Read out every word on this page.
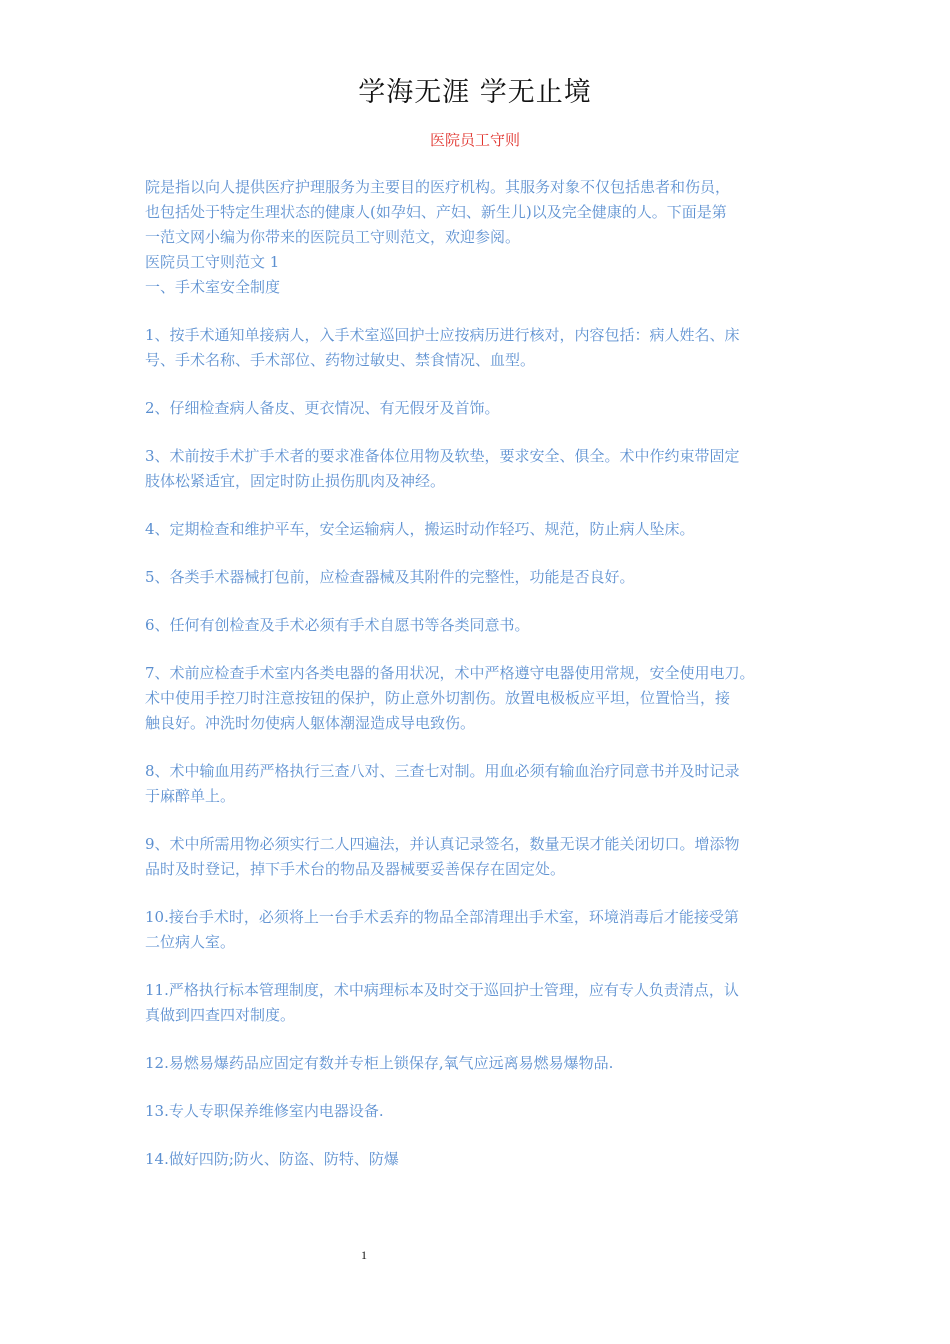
学海无涯 学无止境
医院员工守则

院是指以向人提供医疗护理服务为主要目的医疗机构。其服务对象不仅包括患者和伤员，

也包括处于特定生理状态的健康人(如孕妇、产妇、新生儿)以及完全健康的人。下面是第

一范文网小编为你带来的医院员工守则范文，欢迎参阅。

医院员工守则范文 1

一、手术室安全制度

1、按手术通知单接病人，入手术室巡回护士应按病历进行核对，内容包括：病人姓名、床

号、手术名称、手术部位、药物过敏史、禁食情况、血型。

2、仔细检查病人备皮、更衣情况、有无假牙及首饰。

3、术前按手术扩手术者的要求准备体位用物及软垫，要求安全、俱全。术中作约束带固定

肢体松紧适宜，固定时防止损伤肌肉及神经。

4、定期检查和维护平车，安全运输病人，搬运时动作轻巧、规范，防止病人坠床。

5、各类手术器械打包前，应检查器械及其附件的完整性，功能是否良好。

6、任何有创检查及手术必须有手术自愿书等各类同意书。

7、术前应检查手术室内各类电器的备用状况，术中严格遵守电器使用常规，安全使用电刀。

术中使用手控刀时注意按钮的保护，防止意外切割伤。放置电极板应平坦，位置恰当，接

触良好。冲洗时勿使病人躯体潮湿造成导电致伤。

8、术中输血用药严格执行三查八对、三查七对制。用血必须有输血治疗同意书并及时记录

于麻醉单上。

9、术中所需用物必须实行二人四遍法，并认真记录签名，数量无误才能关闭切口。增添物

品时及时登记，掉下手术台的物品及器械要妥善保存在固定处。

10.接台手术时，必须将上一台手术丢弃的物品全部清理出手术室，环境消毒后才能接受第

二位病人室。

11.严格执行标本管理制度，术中病理标本及时交于巡回护士管理，应有专人负责清点，认

真做到四查四对制度。

12.易燃易爆药品应固定有数并专柜上锁保存,氧气应远离易燃易爆物品.

13.专人专职保养维修室内电器设备.

14.做好四防;防火、防盗、防特、防爆

1
